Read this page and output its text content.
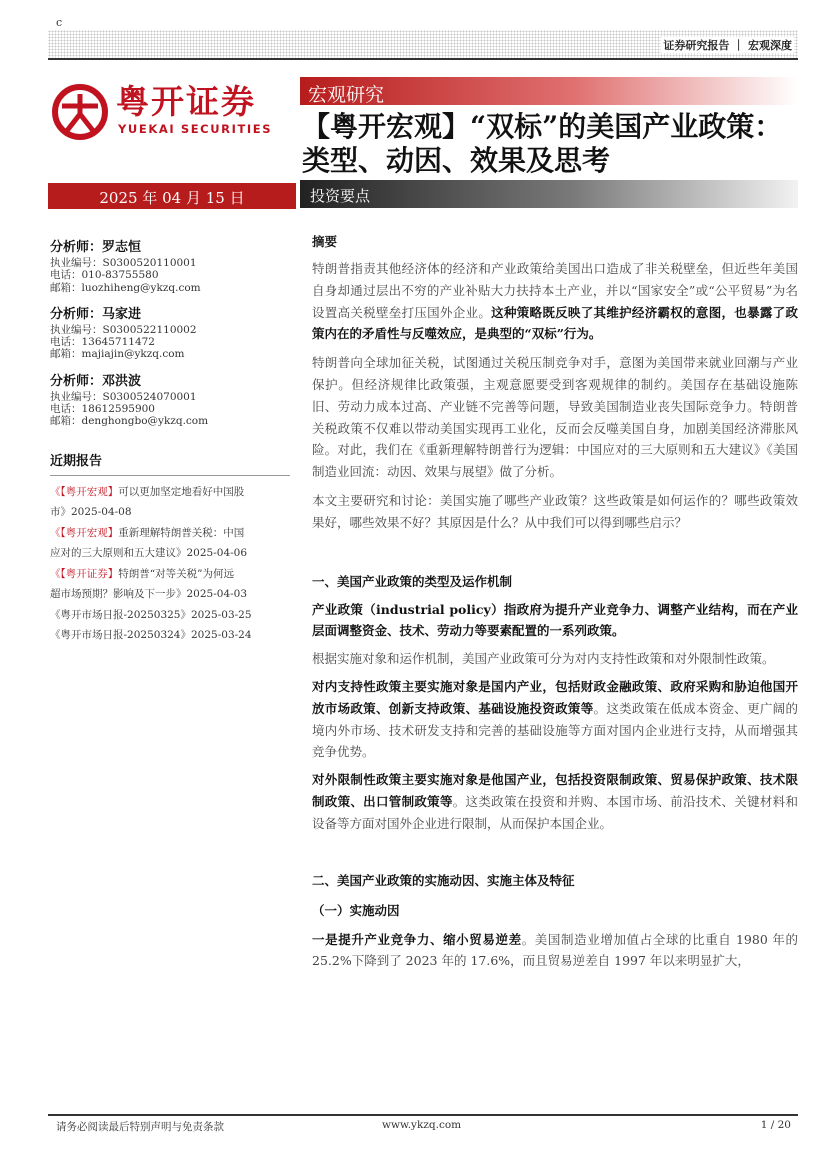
c
证券研究报告 ｜ 宏观深度
粤开证券
YUEKAI SECURITIES
宏观研究
【粤开宏观】“双标”的美国产业政策：
类型、动因、效果及思考
2025 年 04 月 15 日	投资要点
分析师：罗志恒
执业编号：S0300520110001
电话：010-83755580
邮箱：luozhiheng@ykzq.com
分析师：马家进
执业编号：S0300522110002
电话：13645711472
邮箱：majiajin@ykzq.com
分析师：邓洪波
执业编号：S0300524070001
电话：18612595900
邮箱：denghongbo@ykzq.com
近期报告
《【粤开宏观】可以更加坚定地看好中国股
市》2025-04-08
《【粤开宏观】重新理解特朗普关税：中国
应对的三大原则和五大建议》2025-04-06
《【粤开证券】特朗普“对等关税”为何远
超市场预期？影响及下一步》2025-04-03
《粤开市场日报-20250325》2025-03-25
《粤开市场日报-20250324》2025-03-24
摘要

特朗普指责其他经济体的经济和产业政策给美国出口造成了非关税壁垒，但近些年美国自身却通过层出不穷的产业补贴大力扶持本土产业，并以“国家安全”或“公平贸易”为名设置高关税壁垒打压国外企业。这种策略既反映了其维护经济霸权的意图，也暴露了政策内在的矛盾性与反噬效应，是典型的“双标”行为。

特朗普向全球加征关税，试图通过关税压制竞争对手，意图为美国带来就业回潮与产业保护。但经济规律比政策强，主观意愿要受到客观规律的制约。美国存在基础设施陈旧、劳动力成本过高、产业链不完善等问题，导致美国制造业丧失国际竞争力。特朗普关税政策不仅难以带动美国实现再工业化，反而会反噬美国自身，加剧美国经济滞胀风险。对此，我们在《重新理解特朗普行为逻辑：中国应对的三大原则和五大建议》《美国制造业回流：动因、效果与展望》做了分析。

本文主要研究和讨论：美国实施了哪些产业政策？这些政策是如何运作的？哪些政策效果好，哪些效果不好？其原因是什么？从中我们可以得到哪些启示？

一、美国产业政策的类型及运作机制

产业政策（industrial policy）指政府为提升产业竞争力、调整产业结构，而在产业层面调整资金、技术、劳动力等要素配置的一系列政策。

根据实施对象和运作机制，美国产业政策可分为对内支持性政策和对外限制性政策。

对内支持性政策主要实施对象是国内产业，包括财政金融政策、政府采购和胁迫他国开放市场政策、创新支持政策、基础设施投资政策等。这类政策在低成本资金、更广阔的境内外市场、技术研发支持和完善的基础设施等方面对国内企业进行支持，从而增强其竞争优势。

对外限制性政策主要实施对象是他国产业，包括投资限制政策、贸易保护政策、技术限制政策、出口管制政策等。这类政策在投资和并购、本国市场、前沿技术、关键材料和设备等方面对国外企业进行限制，从而保护本国企业。

二、美国产业政策的实施动因、实施主体及特征
（一）实施动因

一是提升产业竞争力、缩小贸易逆差。美国制造业增加值占全球的比重自 1980 年的 25.2%下降到了 2023 年的 17.6%，而且贸易逆差自 1997 年以来明显扩大，

请务必阅读最后特别声明与免责条款	www.ykzq.com	1 / 20
